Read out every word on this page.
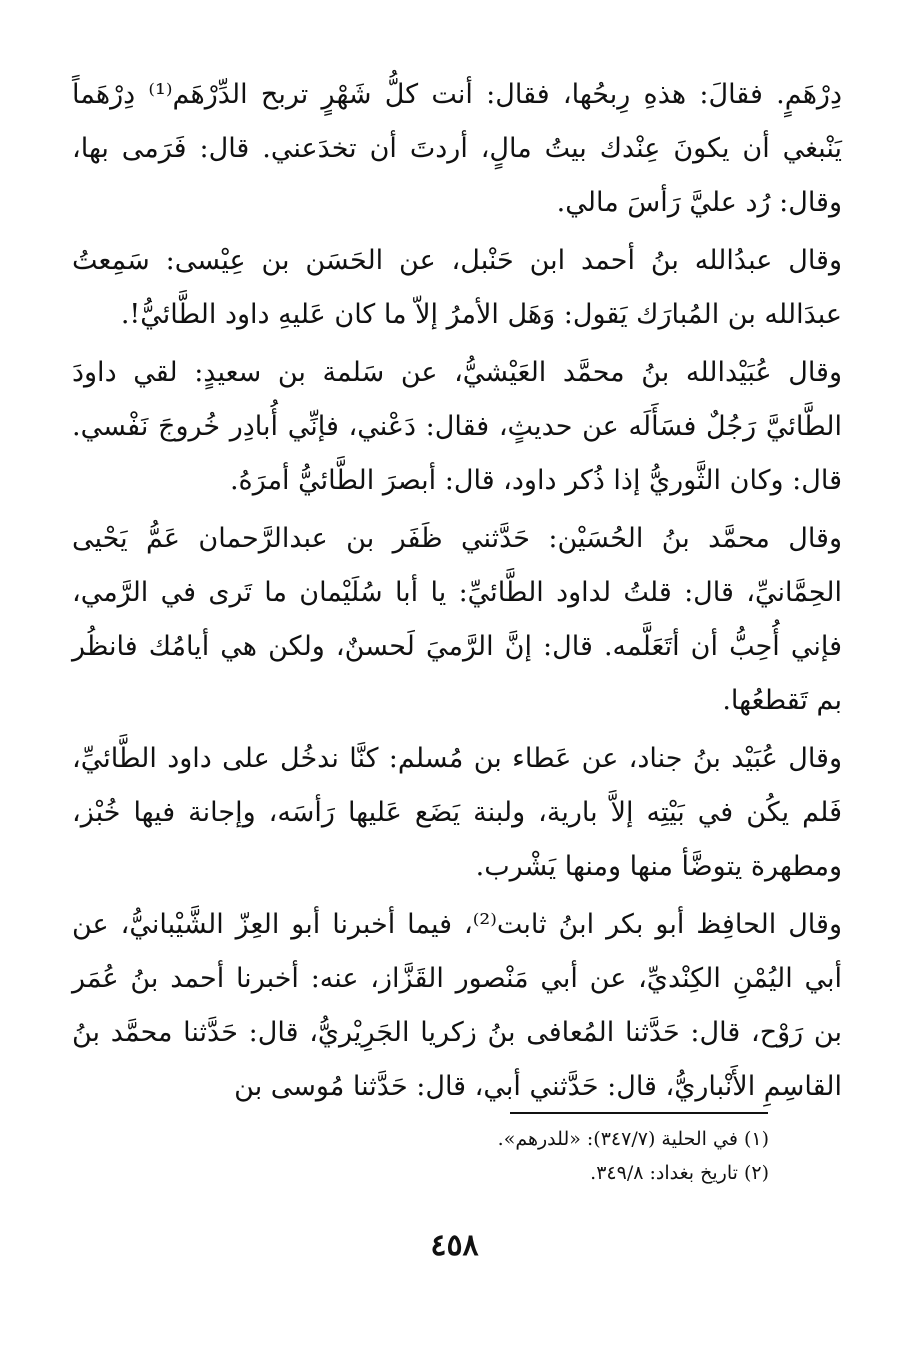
دِرْهَمٍ. فقالَ: هذهِ رِبحُها، فقال: أنت كلُّ شَهْرٍ تربح الدِّرْهَم⁽¹⁾ دِرْهَماً يَنْبغي أن يكونَ عِنْدك بيتُ مالٍ، أردتَ أن تخدَعني. قال: فَرَمى بها، وقال: رُد عليَّ رَأسَ مالي.

وقال عبدُالله بنُ أحمد ابن حَنْبل، عن الحَسَن بن عِيْسى: سَمِعتُ عبدَالله بن المُبارَك يَقول: وَهَل الأمرُ إلاّ ما كان عَليهِ داود الطَّائيُّ!.

وقال عُبَيْدالله بنُ محمَّد العَيْشيُّ، عن سَلمة بن سعيدٍ: لقي داودَ الطَّائيَّ رَجُلٌ فسَأَلَه عن حديثٍ، فقال: دَعْني، فإنِّي أُبادِر خُروجَ نَفْسي. قال: وكان الثَّوريُّ إذا ذُكر داود، قال: أبصرَ الطَّائيُّ أمرَهُ.

وقال محمَّد بنُ الحُسَيْن: حَدَّثني ظَفَر بن عبدالرَّحمان عَمُّ يَحْيى الحِمَّانيِّ، قال: قلتُ لداود الطَّائيِّ: يا أبا سُلَيْمان ما تَرى في الرَّمي، فإني أُحِبُّ أن أتَعَلَّمه. قال: إنَّ الرَّميَ لَحسنٌ، ولكن هي أيامُك فانظُر بم تَقطعُها.

وقال عُبَيْد بنُ جناد، عن عَطاء بن مُسلم: كنَّا ندخُل على داود الطَّائيِّ، فَلم يكُن في بَيْتِه إلاَّ بارية، ولبنة يَضَع عَليها رَأسَه، وإجانة فيها خُبْز، ومطهرة يتوضَّأ منها ومنها يَشْرب.

وقال الحافِظ أبو بكر ابنُ ثابت⁽²⁾، فيما أخبرنا أبو العِزّ الشَّيْبانيُّ، عن أبي اليُمْنِ الكِنْديِّ، عن أبي مَنْصور القَزَّاز، عنه: أخبرنا أحمد بنُ عُمَر بن رَوْح، قال: حَدَّثنا المُعافى بنُ زكريا الجَرِيْريُّ، قال: حَدَّثنا محمَّد بنُ القاسِمِ الأَنْباريُّ، قال: حَدَّثني أبي، قال: حَدَّثنا مُوسى بن

(١) في الحلية (٣٤٧/٧): «للدرهم».
(٢) تاريخ بغداد: ٣٤٩/٨.
٤٥٨
